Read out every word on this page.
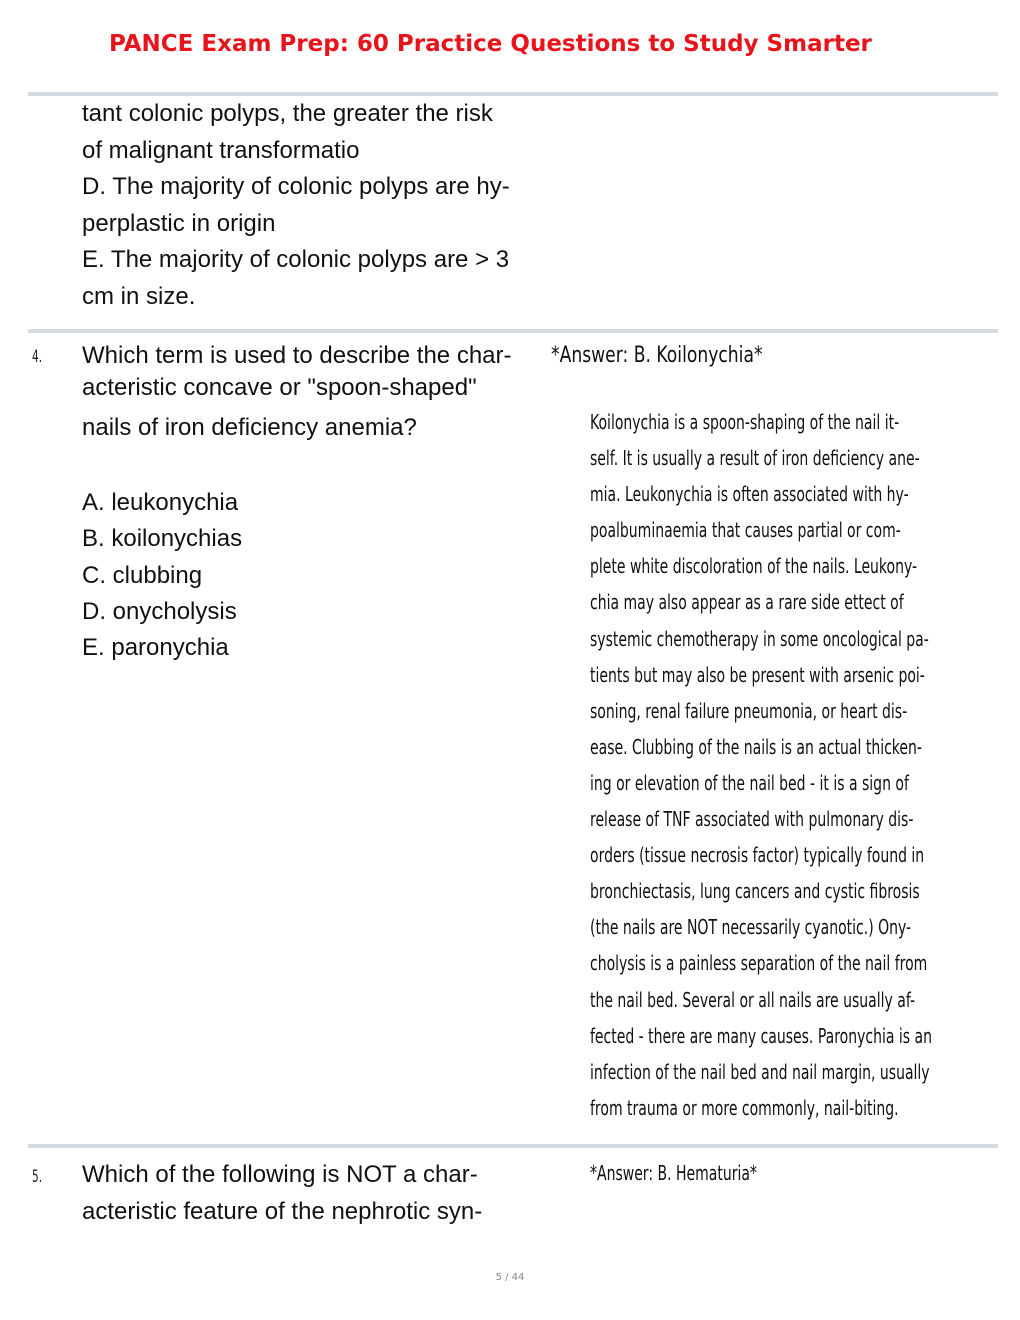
PANCE Exam Prep: 60 Practice Questions to Study Smarter
tant colonic polyps, the greater the risk
of malignant transformatio
D. The majority of colonic polyps are hy-
perplastic in origin
E. The majority of colonic polyps are > 3
cm in size.
4. Which term is used to describe the char-
acteristic concave or "spoon-shaped"
nails of iron deficiency anemia?
A. leukonychia
B. koilonychias
C. clubbing
D. onycholysis
E. paronychia
*Answer: B. Koilonychia*
Koilonychia is a spoon-shaping of the nail it-
self. It is usually a result of iron deficiency ane-
mia. Leukonychia is often associated with hy-
poalbuminaemia that causes partial or com-
plete white discoloration of the nails. Leukony-
chia may also appear as a rare side ettect of
systemic chemotherapy in some oncological pa-
tients but may also be present with arsenic poi-
soning, renal failure pneumonia, or heart dis-
ease. Clubbing of the nails is an actual thicken-
ing or elevation of the nail bed - it is a sign of
release of TNF associated with pulmonary dis-
orders (tissue necrosis factor) typically found in
bronchiectasis, lung cancers and cystic fibrosis
(the nails are NOT necessarily cyanotic.) Ony-
cholysis is a painless separation of the nail from
the nail bed. Several or all nails are usually af-
fected - there are many causes. Paronychia is an
infection of the nail bed and nail margin, usually
from trauma or more commonly, nail-biting.
5. Which of the following is NOT a char-
acteristic feature of the nephrotic syn-
*Answer: B. Hematuria*
5 / 44
